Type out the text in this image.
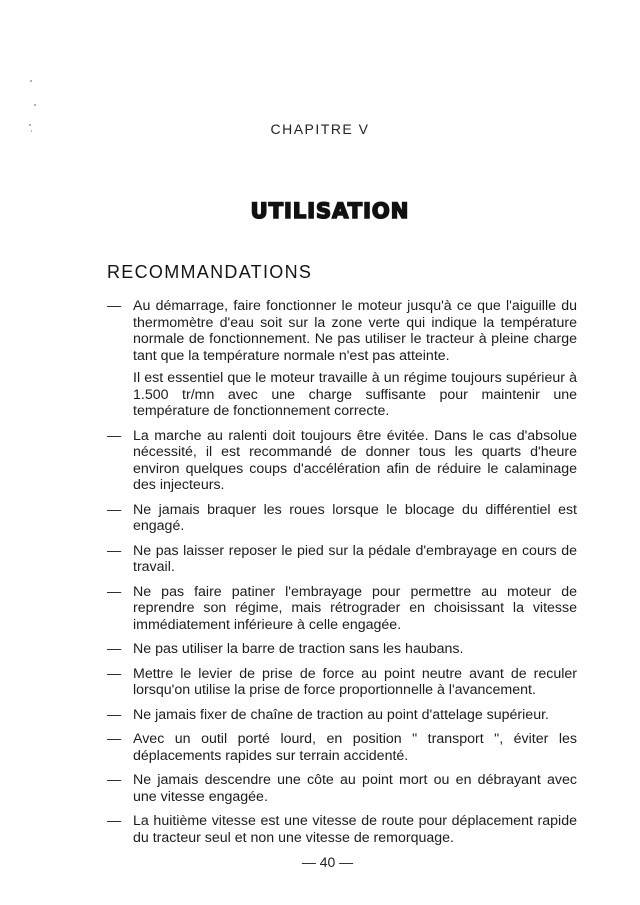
CHAPITRE V
UTILISATION
RECOMMANDATIONS
— Au démarrage, faire fonctionner le moteur jusqu'à ce que l'aiguille du thermomètre d'eau soit sur la zone verte qui indique la température normale de fonctionnement. Ne pas utiliser le tracteur à pleine charge tant que la température normale n'est pas atteinte.

Il est essentiel que le moteur travaille à un régime toujours supérieur à 1.500 tr/mn avec une charge suffisante pour maintenir une température de fonctionnement correcte.

— La marche au ralenti doit toujours être évitée. Dans le cas d'absolue nécessité, il est recommandé de donner tous les quarts d'heure environ quelques coups d'accélération afin de réduire le calaminage des injecteurs.

— Ne jamais braquer les roues lorsque le blocage du différentiel est engagé.

— Ne pas laisser reposer le pied sur la pédale d'embrayage en cours de travail.

— Ne pas faire patiner l'embrayage pour permettre au moteur de reprendre son régime, mais rétrograder en choisissant la vitesse immédiatement inférieure à celle engagée.

— Ne pas utiliser la barre de traction sans les haubans.

— Mettre le levier de prise de force au point neutre avant de reculer lorsqu'on utilise la prise de force proportionnelle à l'avancement.

— Ne jamais fixer de chaîne de traction au point d'attelage supérieur.

— Avec un outil porté lourd, en position " transport ", éviter les déplacements rapides sur terrain accidenté.

— Ne jamais descendre une côte au point mort ou en débrayant avec une vitesse engagée.

— La huitième vitesse est une vitesse de route pour déplacement rapide du tracteur seul et non une vitesse de remorquage.

— 40 —
